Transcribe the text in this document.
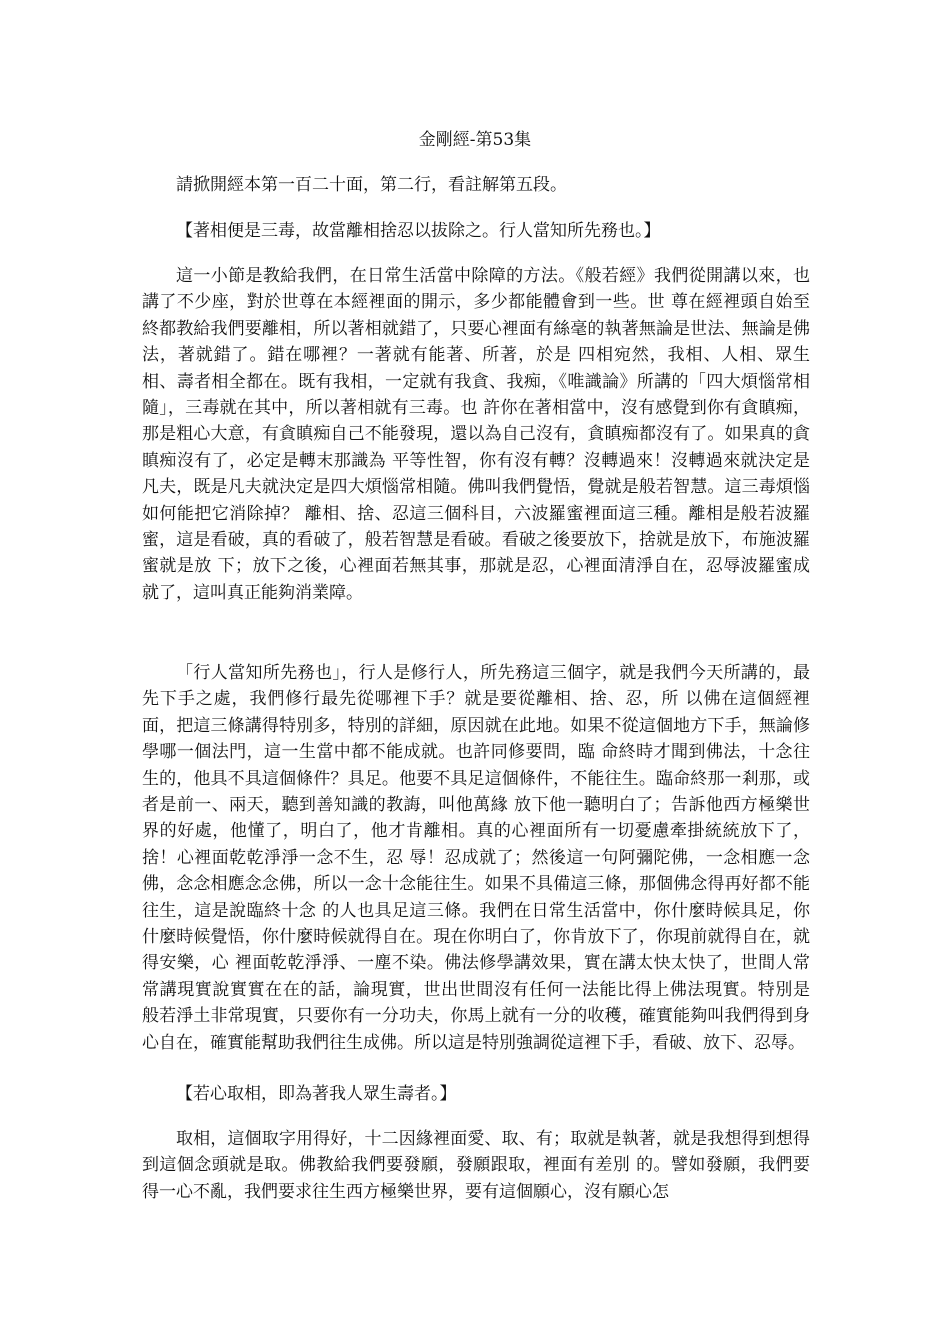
金剛經-第53集

請掀開經本第一百二十面，第二行，看註解第五段。

【著相便是三毒，故當離相捨忍以拔除之。行人當知所先務也。】

這一小節是教給我們，在日常生活當中除障的方法。《般若經》我們從開講以來，也講了不少座，對於世尊在本經裡面的開示，多少都能體會到一些。世 尊在經裡頭自始至終都教給我們要離相，所以著相就錯了，只要心裡面有絲毫的執著無論是世法、無論是佛法，著就錯了。錯在哪裡？一著就有能著、所著，於是 四相宛然，我相、人相、眾生相、壽者相全都在。既有我相，一定就有我貪、我痴，《唯識論》所講的「四大煩惱常相隨」，三毒就在其中，所以著相就有三毒。也 許你在著相當中，沒有感覺到你有貪瞋痴，那是粗心大意，有貪瞋痴自己不能發現，還以為自己沒有，貪瞋痴都沒有了。如果真的貪瞋痴沒有了，必定是轉末那識為 平等性智，你有沒有轉？沒轉過來！沒轉過來就決定是凡夫，既是凡夫就決定是四大煩惱常相隨。佛叫我們覺悟，覺就是般若智慧。這三毒煩惱如何能把它消除掉？ 離相、捨、忍這三個科目，六波羅蜜裡面這三種。離相是般若波羅蜜，這是看破，真的看破了，般若智慧是看破。看破之後要放下，捨就是放下，布施波羅蜜就是放 下；放下之後，心裡面若無其事，那就是忍，心裡面清淨自在，忍辱波羅蜜成就了，這叫真正能夠消業障。

「行人當知所先務也」，行人是修行人，所先務這三個字，就是我們今天所講的，最先下手之處，我們修行最先從哪裡下手？就是要從離相、捨、忍，所 以佛在這個經裡面，把這三條講得特別多，特別的詳細，原因就在此地。如果不從這個地方下手，無論修學哪一個法門，這一生當中都不能成就。也許同修要問，臨 命終時才聞到佛法，十念往生的，他具不具這個條件？具足。他要不具足這個條件，不能往生。臨命終那一剎那，或者是前一、兩天，聽到善知識的教誨，叫他萬緣 放下他一聽明白了；告訴他西方極樂世界的好處，他懂了，明白了，他才肯離相。真的心裡面所有一切憂慮牽掛統統放下了，捨！心裡面乾乾淨淨一念不生，忍 辱！忍成就了；然後這一句阿彌陀佛，一念相應一念佛，念念相應念念佛，所以一念十念能往生。如果不具備這三條，那個佛念得再好都不能往生，這是說臨終十念 的人也具足這三條。我們在日常生活當中，你什麼時候具足，你什麼時候覺悟，你什麼時候就得自在。現在你明白了，你肯放下了，你現前就得自在，就得安樂，心 裡面乾乾淨淨、一塵不染。佛法修學講效果，實在講太快太快了，世間人常常講現實說實實在在的話，論現實，世出世間沒有任何一法能比得上佛法現實。特別是 般若淨土非常現實，只要你有一分功夫，你馬上就有一分的收穫，確實能夠叫我們得到身心自在，確實能幫助我們往生成佛。所以這是特別強調從這裡下手，看破、放下、忍辱。

【若心取相，即為著我人眾生壽者。】

取相，這個取字用得好，十二因緣裡面愛、取、有；取就是執著，就是我想得到想得到這個念頭就是取。佛教給我們要發願，發願跟取，裡面有差別 的。譬如發願，我們要得一心不亂，我們要求往生西方極樂世界，要有這個願心，沒有願心怎
